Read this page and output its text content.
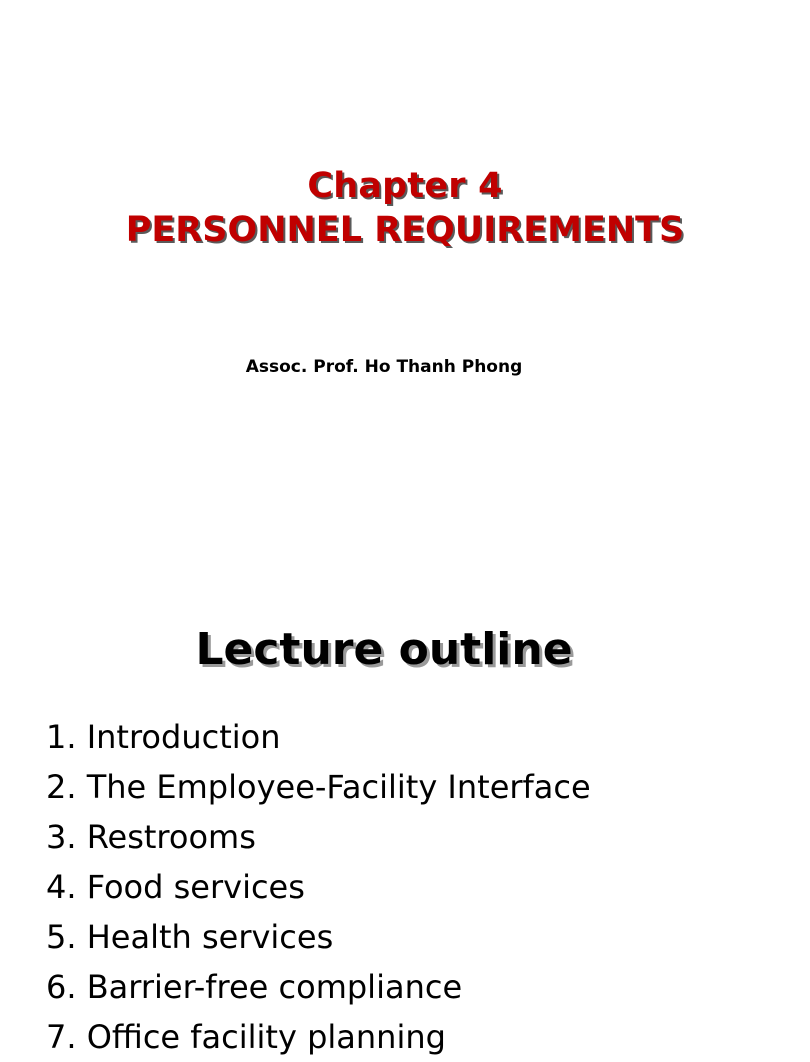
Chapter 4
PERSONNEL REQUIREMENTS

Assoc. Prof. Ho Thanh Phong

Lecture outline
1. Introduction
2. The Employee-Facility Interface
3. Restrooms
4. Food services
5. Health services
6. Barrier-free compliance
7. Office facility planning
